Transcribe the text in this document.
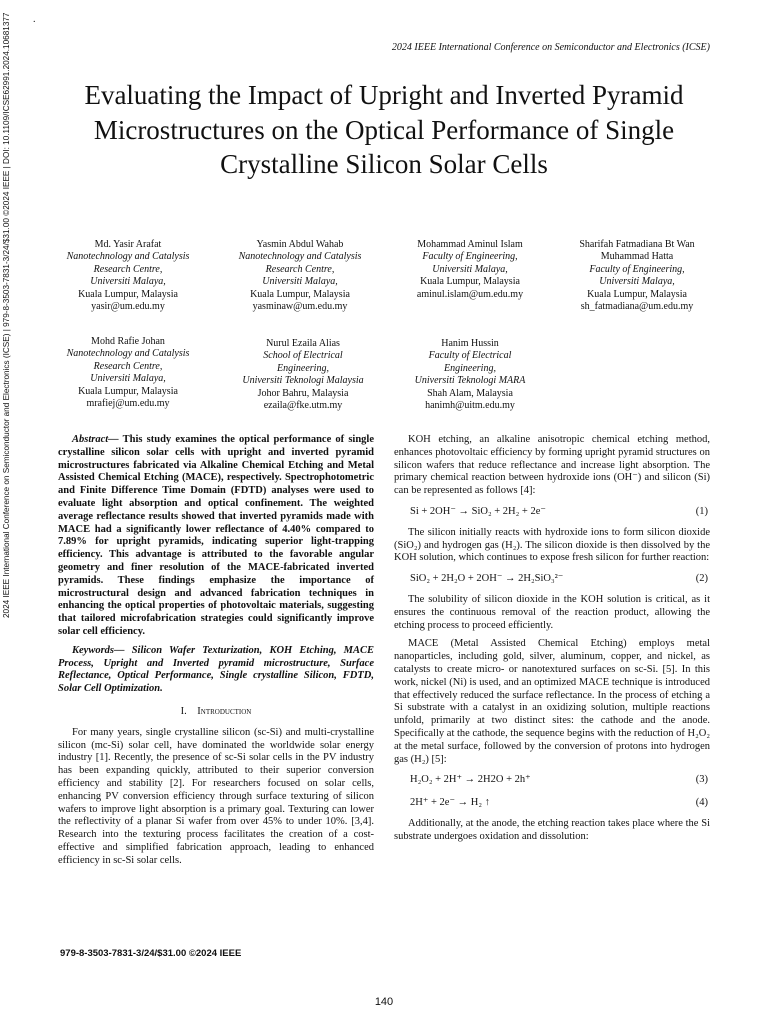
.
2024 IEEE International Conference on Semiconductor and Electronics (ICSE)
2024 IEEE International Conference on Semiconductor and Electronics (ICSE) | 979-8-3503-7831-3/24/$31.00 ©2024 IEEE | DOI: 10.1109/ICSE62991.2024.10681377	Evaluating the Impact of Upright and Inverted Pyramid Microstructures on the Optical Performance of Single Crystalline Silicon Solar Cells
Md. Yasir Arafat
Nanotechnology and Catalysis
Research Centre,
Universiti Malaya,
Kuala Lumpur, Malaysia
yasir@um.edu.my
Yasmin Abdul Wahab
Nanotechnology and Catalysis
Research Centre,
Universiti Malaya,
Kuala Lumpur, Malaysia
yasminaw@um.edu.my
Mohammad Aminul Islam
Faculty of Engineering,
Universiti Malaya,
Kuala Lumpur, Malaysia
aminul.islam@um.edu.my
Sharifah Fatmadiana Bt Wan Muhammad Hatta
Faculty of Engineering,
Universiti Malaya,
Kuala Lumpur, Malaysia
sh_fatmadiana@um.edu.my
Mohd Rafie Johan
Nanotechnology and Catalysis
Research Centre,
Universiti Malaya,
Kuala Lumpur, Malaysia
mrafiej@um.edu.my
Nurul Ezaila Alias
School of Electrical
Engineering,
Universiti Teknologi Malaysia
Johor Bahru, Malaysia
ezaila@fke.utm.my
Hanim Hussin
Faculty of Electrical
Engineering,
Universiti Teknologi MARA
Shah Alam, Malaysia
hanimh@uitm.edu.my

Abstract— This study examines the optical performance of single crystalline silicon solar cells with upright and inverted pyramid microstructures fabricated via Alkaline Chemical Etching and Metal Assisted Chemical Etching (MACE), respectively. Spectrophotometric and Finite Difference Time Domain (FDTD) analyses were used to evaluate light absorption and optical confinement. The weighted average reflectance results showed that inverted pyramids made with MACE had a significantly lower reflectance of 4.40% compared to 7.89% for upright pyramids, indicating superior light-trapping efficiency. This advantage is attributed to the favorable angular geometry and finer resolution of the MACE-fabricated inverted pyramids. These findings emphasize the importance of microstructural design and advanced fabrication techniques in enhancing the optical properties of photovoltaic materials, suggesting that tailored microfabrication strategies could significantly improve solar cell efficiency.

Keywords— Silicon Wafer Texturization, KOH Etching, MACE Process, Upright and Inverted pyramid microstructure, Surface Reflectance, Optical Performance, Single crystalline Silicon, FDTD, Solar Cell Optimization.

I. Introduction

For many years, single crystalline silicon (sc-Si) and multi-crystalline silicon (mc-Si) solar cell, have dominated the worldwide solar energy industry [1]. Recently, the presence of sc-Si solar cells in the PV industry has been expanding quickly, attributed to their superior conversion efficiency and stability [2]. For researchers focused on solar cells, enhancing PV conversion efficiency through surface texturing of silicon wafers to improve light absorption is a primary goal. Texturing can lower the reflectivity of a planar Si wafer from over 45% to under 10%. [3,4]. Research into the texturing process facilitates the creation of a cost-effective and simplified fabrication approach, leading to enhanced efficiency in sc-Si solar cells.

KOH etching, an alkaline anisotropic chemical etching method, enhances photovoltaic efficiency by forming upright pyramid structures on silicon wafers that reduce reflectance and increase light absorption. The primary chemical reaction between hydroxide ions (OH⁻) and silicon (Si) can be represented as follows [4]:

Si + 2OH⁻ → SiO₂ + 2H₂ + 2e⁻	(1)

The silicon initially reacts with hydroxide ions to form silicon dioxide (SiO₂) and hydrogen gas (H₂). The silicon dioxide is then dissolved by the KOH solution, which continues to expose fresh silicon for further reaction:

SiO₂ + 2H₂O + 2OH⁻ → 2H₂SiO₃²⁻	(2)

The solubility of silicon dioxide in the KOH solution is critical, as it ensures the continuous removal of the reaction product, allowing the etching process to proceed efficiently.

MACE (Metal Assisted Chemical Etching) employs metal nanoparticles, including gold, silver, aluminum, copper, and nickel, as catalysts to create micro- or nanotextured surfaces on sc-Si. [5]. In this work, nickel (Ni) is used, and an optimized MACE technique is introduced that effectively reduced the surface reflectance. In the process of etching a Si substrate with a catalyst in an oxidizing solution, multiple reactions unfold, primarily at two distinct sites: the cathode and the anode. Specifically at the cathode, the sequence begins with the reduction of H₂O₂ at the metal surface, followed by the conversion of protons into hydrogen gas (H₂) [5]:

H₂O₂ + 2H⁺ → 2H2O + 2h⁺	(3)
2H⁺ + 2e⁻ → H₂ ↑	(4)

Additionally, at the anode, the etching reaction takes place where the Si substrate undergoes oxidation and dissolution:

979-8-3503-7831-3/24/$31.00 ©2024 IEEE
140
